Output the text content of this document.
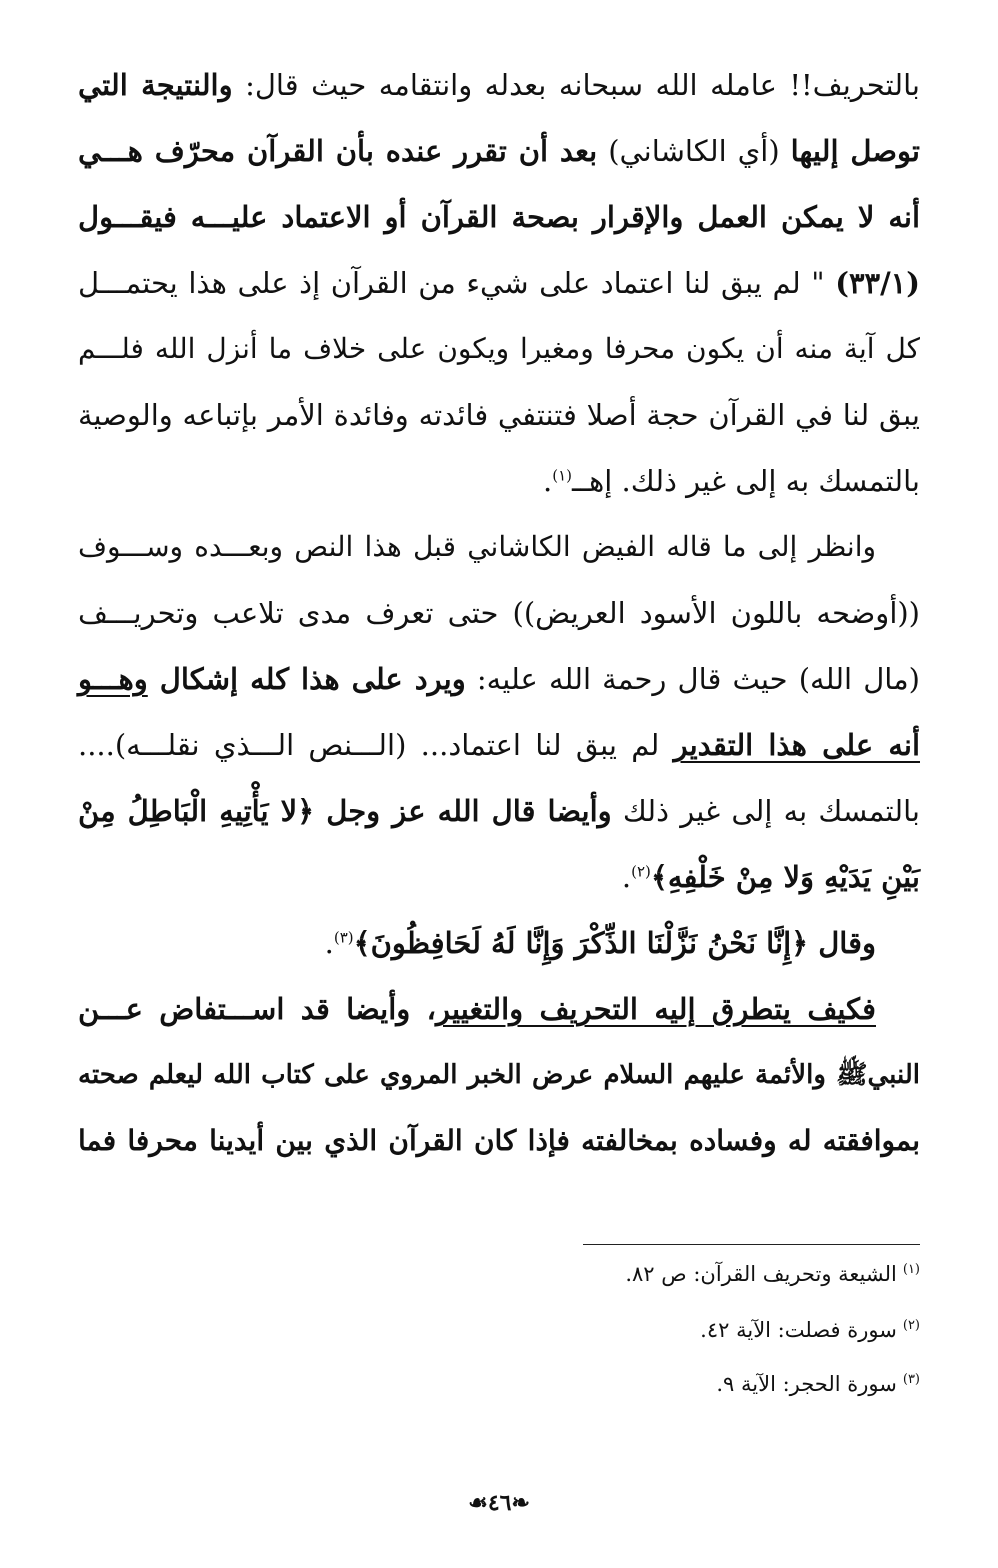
بالتحريف!! عامله الله سبحانه بعدله وانتقامه حيث قال: والنتيجة التي
توصل إليها (أي الكاشاني) بعد أن تقرر عنده بأن القرآن محرّف هـــي
أنه لا يمكن العمل والإقرار بصحة القرآن أو الاعتماد عليـــه فيقـــول
(٣٣/١) " لم يبق لنا اعتماد على شيء من القرآن إذ على هذا يحتمـــل
كل آية منه أن يكون محرفا ومغيرا ويكون على خلاف ما أنزل الله فلـــم
يبق لنا في القرآن حجة أصلا فتنتفي فائدته وفائدة الأمر بإتباعه والوصية
بالتمسك به إلى غير ذلك. إهــ$^{(١)}$.
وانظر إلى ما قاله الفيض الكاشاني قبل هذا النص وبعـــده وســـوف
((أوضحه باللون الأسود العريض)) حتى تعرف مدى تلاعب وتحريـــف
(مال الله) حيث قال رحمة الله عليه: ويرد على هذا كله إشكال وهـــو
أنه على هذا التقدير لم يبق لنا اعتماد... (الـــنص الـــذي نقلـــه)....
بالتمسك به إلى غير ذلك وأيضا قال الله عز وجل ﴿لا يَأْتِيهِ الْبَاطِلُ مِنْ
بَيْنِ يَدَيْهِ وَلا مِنْ خَلْفِهِ﴾$^{(٢)}$.
وقال ﴿إِنَّا نَحْنُ نَزَّلْنَا الذِّكْرَ وَإِنَّا لَهُ لَحَافِظُونَ﴾$^{(٣)}$.
فكيف يتطرق إليه التحريف والتغيير، وأيضا قد اســـتفاض عـــن
النبيﷺ والأئمة عليهم السلام عرض الخبر المروي على كتاب الله ليعلم صحته
بموافقته له وفساده بمخالفته فإذا كان القرآن الذي بين أيدينا محرفا فما
$^{(١)}$الشيعة وتحريف القرآن: ص ٨٢.
$^{(٢)}$سورة فصلت: الآية ٤٢.
$^{(٣)}$سورة الحجر: الآية ٩.
❧٤٦☙
